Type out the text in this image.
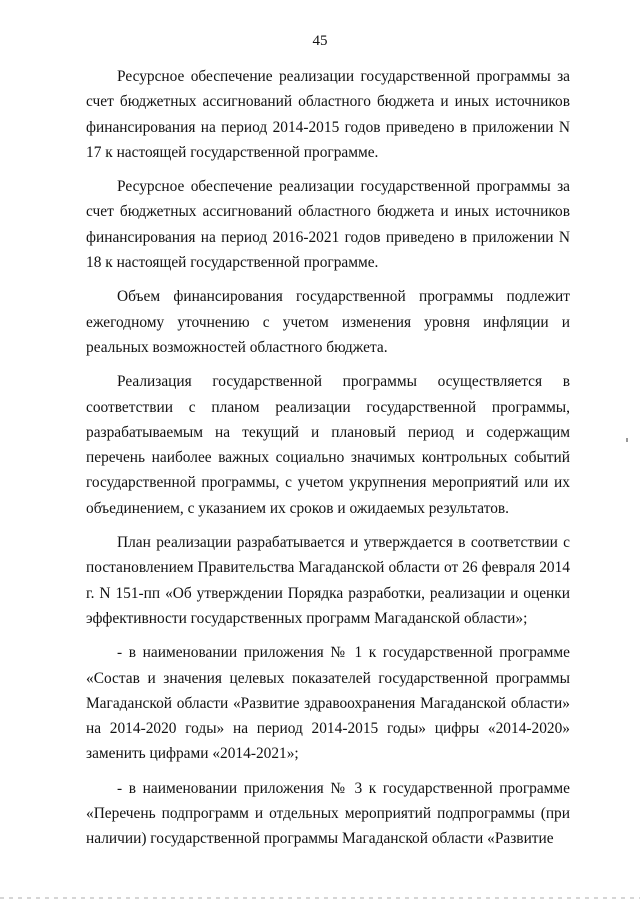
45

Ресурсное обеспечение реализации государственной программы за счет бюджетных ассигнований областного бюджета и иных источников финансирования на период 2014-2015 годов приведено в приложении N 17 к настоящей государственной программе.

Ресурсное обеспечение реализации государственной программы за счет бюджетных ассигнований областного бюджета и иных источников финансирования на период 2016-2021 годов приведено в приложении N 18 к настоящей государственной программе.

Объем финансирования государственной программы подлежит ежегодному уточнению с учетом изменения уровня инфляции и реальных возможностей областного бюджета.

Реализация государственной программы осуществляется в соответствии с планом реализации государственной программы, разрабатываемым на текущий и плановый период и содержащим перечень наиболее важных социально значимых контрольных событий государственной программы, с учетом укрупнения мероприятий или их объединением, с указанием их сроков и ожидаемых результатов.

План реализации разрабатывается и утверждается в соответствии с постановлением Правительства Магаданской области от 26 февраля 2014 г. N 151-пп «Об утверждении Порядка разработки, реализации и оценки эффективности государственных программ Магаданской области»;

- в наименовании приложения № 1 к государственной программе «Состав и значения целевых показателей государственной программы Магаданской области «Развитие здравоохранения Магаданской области» на 2014-2020 годы» на период 2014-2015 годы» цифры «2014-2020» заменить цифрами «2014-2021»;

- в наименовании приложения № 3 к государственной программе «Перечень подпрограмм и отдельных мероприятий подпрограммы (при наличии) государственной программы Магаданской области «Развитие
